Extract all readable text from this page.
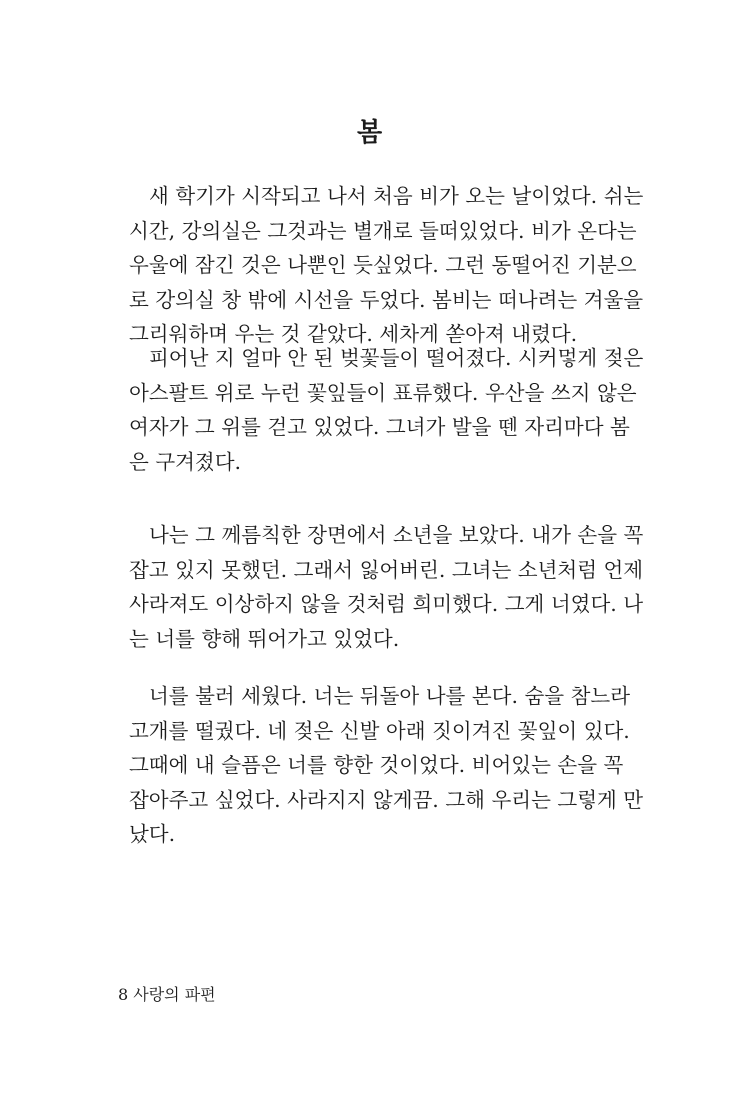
봄

새 학기가 시작되고 나서 처음 비가 오는 날이었다. 쉬는
시간, 강의실은 그것과는 별개로 들떠있었다. 비가 온다는
우울에 잠긴 것은 나뿐인 듯싶었다. 그런 동떨어진 기분으
로 강의실 창 밖에 시선을 두었다. 봄비는 떠나려는 겨울을
그리워하며 우는 것 같았다. 세차게 쏟아져 내렸다.

피어난 지 얼마 안 된 벚꽃들이 떨어졌다. 시커멓게 젖은
아스팔트 위로 누런 꽃잎들이 표류했다. 우산을 쓰지 않은
여자가 그 위를 걷고 있었다. 그녀가 발을 뗀 자리마다 봄
은 구겨졌다.

나는 그 께름칙한 장면에서 소년을 보았다. 내가 손을 꼭
잡고 있지 못했던. 그래서 잃어버린. 그녀는 소년처럼 언제
사라져도 이상하지 않을 것처럼 희미했다. 그게 너였다. 나
는 너를 향해 뛰어가고 있었다.

너를 불러 세웠다. 너는 뒤돌아 나를 본다. 숨을 참느라
고개를 떨궜다. 네 젖은 신발 아래 짓이겨진 꽃잎이 있다.
그때에 내 슬픔은 너를 향한 것이었다. 비어있는 손을 꼭
잡아주고 싶었다. 사라지지 않게끔. 그해 우리는 그렇게 만
났다.

8 사랑의 파편
